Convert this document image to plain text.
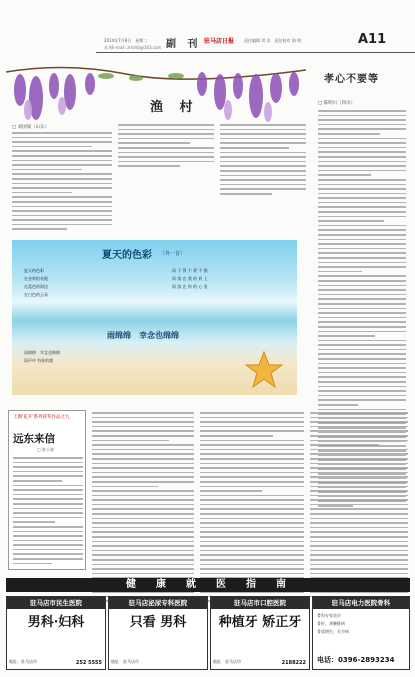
2014年7月8日　星期二
本刊E-mail: zmdrb@163.com 副 刊 驻马店日报 责任编辑 刘 洋　责任校对 海 明	A11
渔 村
□ 刘国瑞（山东）
孝心不要等
□ 陈明川（四川）
夏天的色彩 （外一首）
夏天的色彩
在金黄的麦地
在蓝色的海边
在白色的云朵
雨 下 得 不 紧 不 慢
雨 落 在 我 的 肩 上
雨 落 在 你 的 心 里
雨绵绵　幸念也绵绵
雨绵绵　幸念也绵绵
雨声中 有你的歌
上期'花开'系列获奖作品之九
远东来信
□ 陈小波
健康就医指南
驻马店市民生医院
男科·妇科
地址：驻马店市	252 5555
驻马店泌尿专科医院
只看 男科
地址：驻马店市
驻马店市口腔医院
种植牙 矫正牙
地址：驻马店市	2188222
驻马店电力医院骨科
骨科专家坐诊
骨折、颈腰椎病
骨质增生、关节病
电话：0396-2893234
